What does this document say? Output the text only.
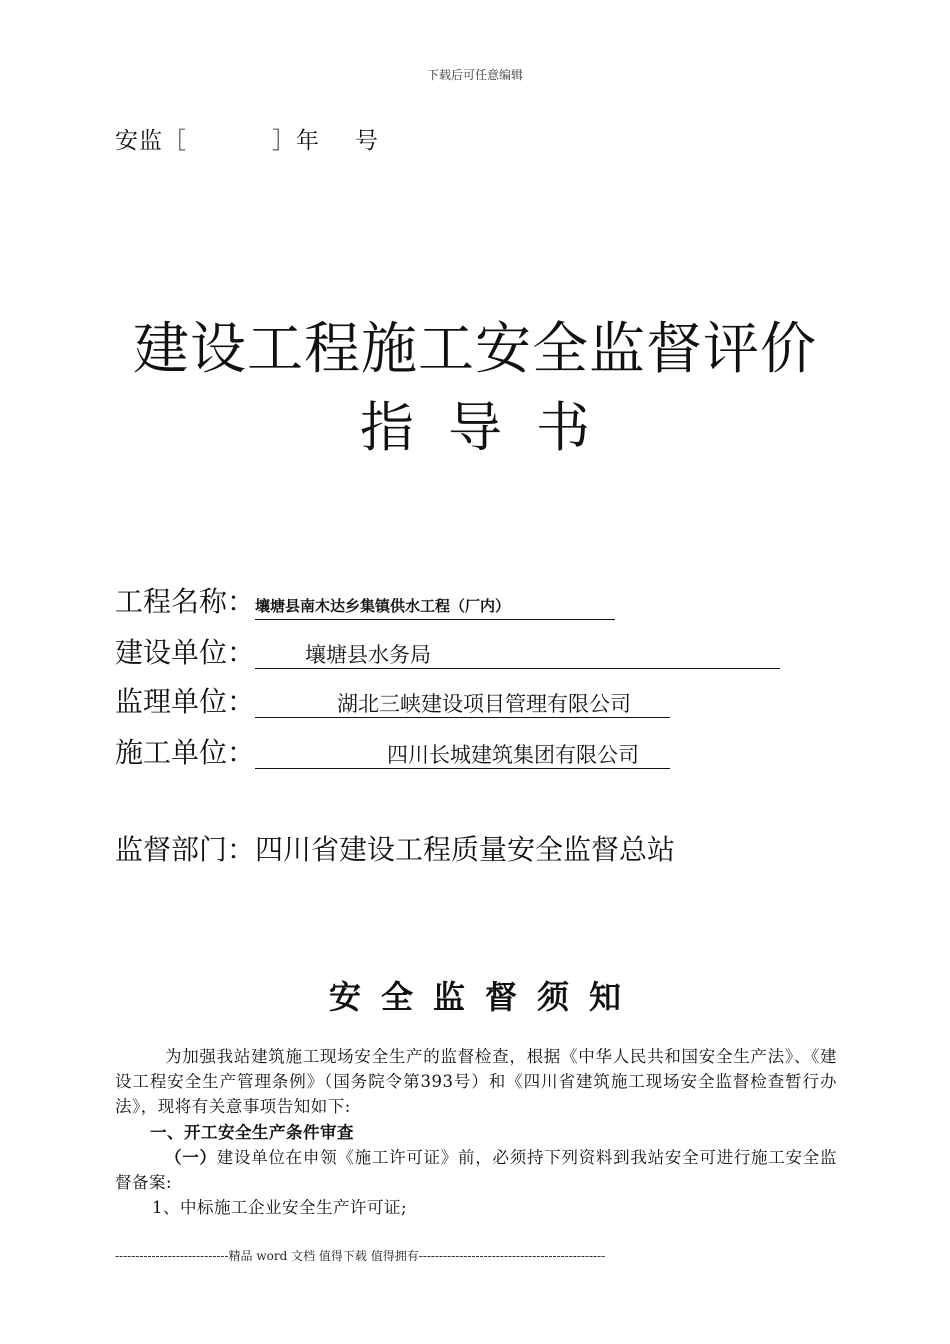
下载后可任意编辑
安监［	］年 号
建设工程施工安全监督评价
指导书
工程名称：壤塘县南木达乡集镇供水工程（厂内）
建设单位： 壤塘县水务局
监理单位：	湖北三峡建设项目管理有限公司
施工单位：	四川长城建筑集团有限公司
监督部门：四川省建设工程质量安全监督总站
安全监督须知
为加强我站建筑施工现场安全生产的监督检查，根据《中华人民共和国安全生产法》、《建设工程安全生产管理条例》（国务院令第393号）和《四川省建筑施工现场安全监督检查暂行办法》，现将有关意事项告知如下:
一、开工安全生产条件审查
（一）建设单位在申领《施工许可证》前，必须持下列资料到我站安全可进行施工安全监督备案:
1、中标施工企业安全生产许可证;
----------------------------精品 word 文档 值得下载 值得拥有----------------------------------------------
